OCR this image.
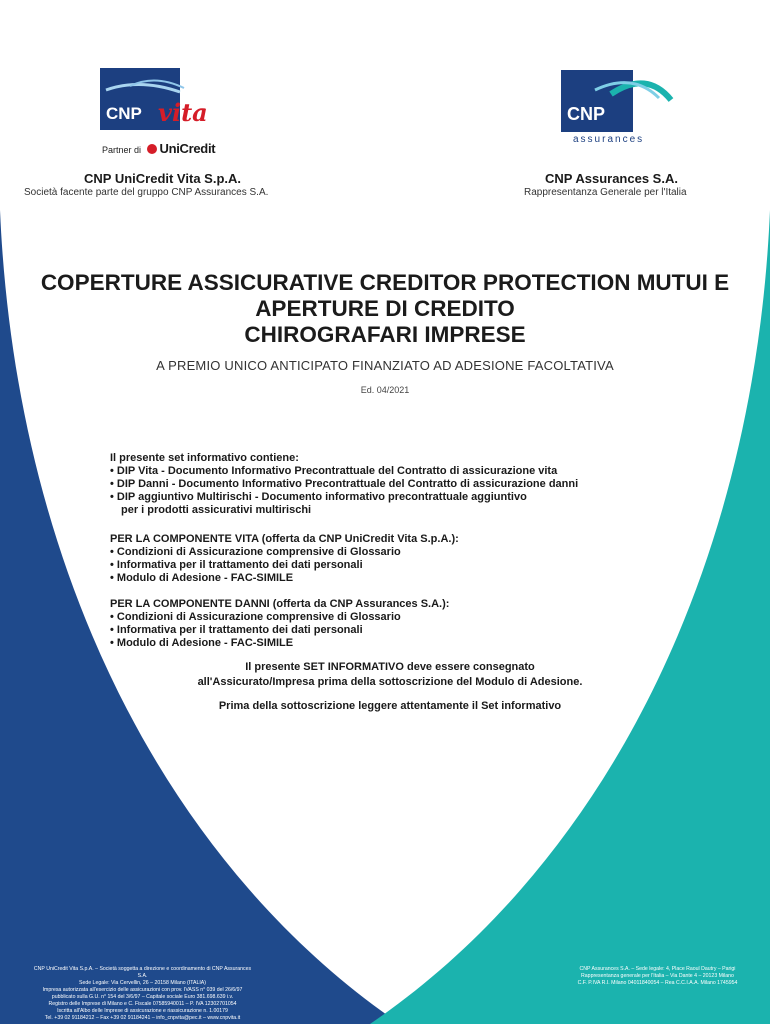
CNP vita
Partner di UniCredit
CNP
assurances
CNP UniCredit Vita S.p.A.
Società facente parte del gruppo CNP Assurances S.A.
CNP Assurances S.A.
Rappresentanza Generale per l'Italia
COPERTURE ASSICURATIVE CREDITOR PROTECTION MUTUI E
APERTURE DI CREDITO
CHIROGRAFARI IMPRESE
A PREMIO UNICO ANTICIPATO FINANZIATO AD ADESIONE FACOLTATIVA
Ed. 04/2021
Il presente set informativo contiene:
• DIP Vita - Documento Informativo Precontrattuale del Contratto di assicurazione vita
• DIP Danni - Documento Informativo Precontrattuale del Contratto di assicurazione danni
• DIP aggiuntivo Multirischi - Documento informativo precontrattuale aggiuntivo
per i prodotti assicurativi multirischi
PER LA COMPONENTE VITA (offerta da CNP UniCredit Vita S.p.A.):
• Condizioni di Assicurazione comprensive di Glossario
• Informativa per il trattamento dei dati personali
• Modulo di Adesione - FAC-SIMILE
PER LA COMPONENTE DANNI (offerta da CNP Assurances S.A.):
• Condizioni di Assicurazione comprensive di Glossario
• Informativa per il trattamento dei dati personali
• Modulo di Adesione - FAC-SIMILE
Il presente SET INFORMATIVO deve essere consegnato
all'Assicurato/Impresa prima della sottoscrizione del Modulo di Adesione.
Prima della sottoscrizione leggere attentamente il Set informativo
CNP UniCredit Vita S.p.A. – Società soggetta a direzione e coordinamento di CNP Assurances S.A.
Sede Legale: Via Cervellin, 26 – 20158 Milano (ITALIA)
Impresa autorizzata all'esercizio delle assicurazioni con prov. IVASS n° 039 del 26/6/97
pubblicato sulla G.U. n° 154 del 3/6/97 – Capitale sociale Euro 381.698.639 i.v.
Registro delle Imprese di Milano e C. Fiscale 07585940011 – P. IVA 12302701054
Iscritta all'Albo delle Imprese di assicurazione e riassicurazione n. 1.00179
Tel. +39 02 91184212 – Fax +39 02 91184241 – info_cnpvita@pec.it – www.cnpvita.it
CNP Assurances S.A. – Sede legale: 4, Place Raoul Dautry – Parigi
Rappresentanza generale per l'Italia – Via Dante 4 – 20123 Milano
C.F. P.IVA R.I. Milano 04011840054 – Rea C.C.I.A.A. Milano 1745954
